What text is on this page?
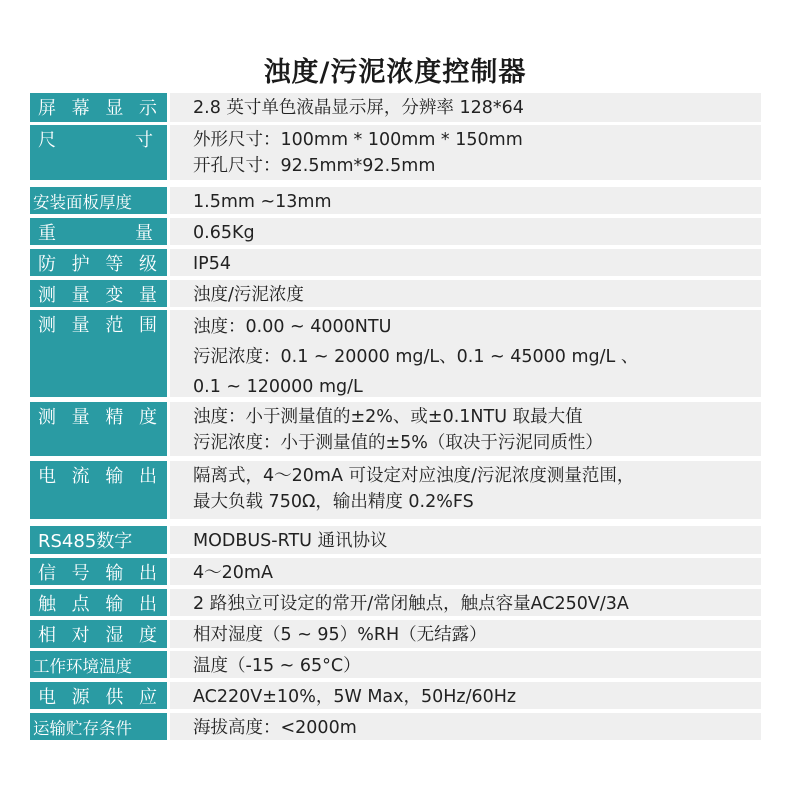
浊度/污泥浓度控制器
屏 幕 显 示 2.8 英寸单色液晶显示屏，分辨率 128*64
尺	寸 外形尺寸：100mm * 100mm * 150mm
开孔尺寸：92.5mm*92.5mm
安装面板厚度	1.5mm ~13mm
重	量 0.65Kg
防 护 等 级 IP54
测 量 变 量 浊度/污泥浓度
测 量 范 围 浊度：0.00 ~ 4000NTU
污泥浓度：0.1 ~ 20000 mg/L、0.1 ~ 45000 mg/L 、
0.1 ~ 120000 mg/L
测 量 精 度 浊度：小于测量值的±2%、或±0.1NTU 取最大值
污泥浓度：小于测量值的±5%（取决于污泥同质性）
电 流 输 出 隔离式，4～20mA 可设定对应浊度/污泥浓度测量范围，
最大负载 750Ω，输出精度 0.2%FS
RS485数字	MODBUS-RTU 通讯协议
信 号 输 出 4～20mA
触 点 输 出 2 路独立可设定的常开/常闭触点，触点容量AC250V/3A
相 对 湿 度 相对湿度（5 ~ 95）%RH（无结露）
工作环境温度	温度（-15 ~ 65°C）
电 源 供 应 AC220V±10%，5W Max，50Hz/60Hz
运输贮存条件	海拔高度：<2000m
